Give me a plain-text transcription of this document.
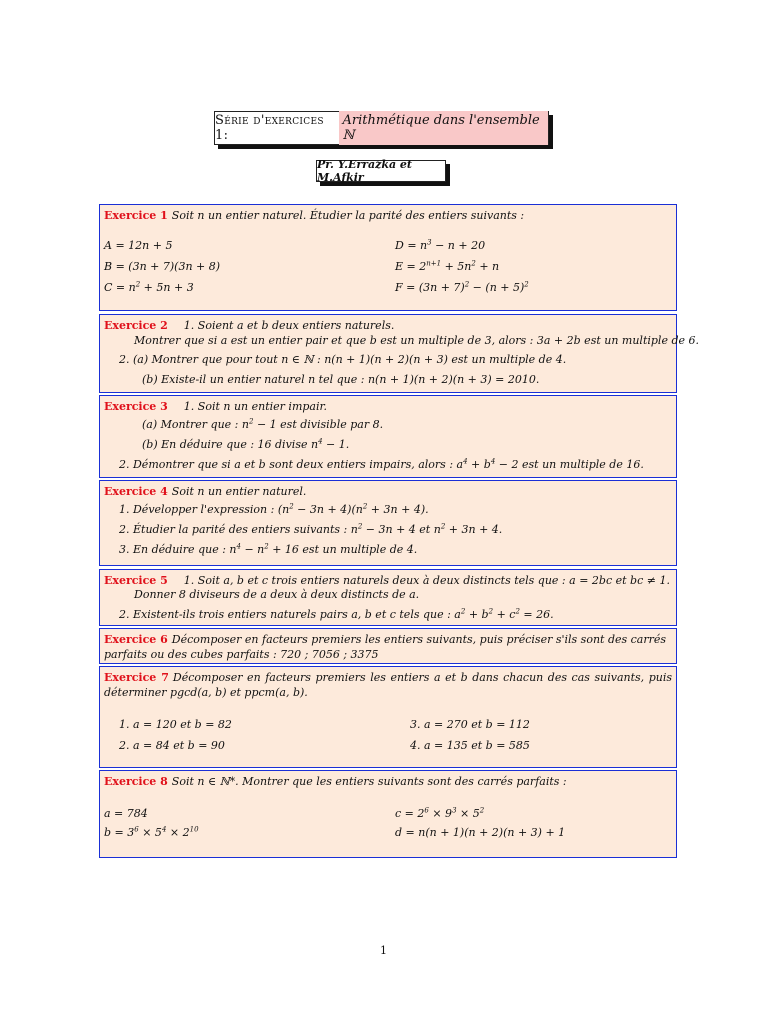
Série d'exercices 1:
Arithmétique dans l'ensemble ℕ
Pr. Y.Errazka et M.Afkir
Exercice 1 Soit n un entier naturel. Étudier la parité des entiers suivants :
A = 12n + 5
B = (3n + 7)(3n + 8)
$C = n^2 + 5n + 3$
$D = n^3 - n + 20$
$E = 2^{n+1} + 5n^2 + n$
$F = (3n + 7)^2 - (n + 5)^2$
Exercice 2 1. Soient a et b deux entiers naturels.
Montrer que si a est un entier pair et que b est un multiple de 3, alors : 3a + 2b est un multiple de 6.
2. (a) Montrer que pour tout n ∈ ℕ : n(n + 1)(n + 2)(n + 3) est un multiple de 4.
(b) Existe-il un entier naturel n tel que : n(n + 1)(n + 2)(n + 3) = 2010.
Exercice 3 1. Soit n un entier impair.
(a) Montrer que : $n^2 - 1$ est divisible par 8.
(b) En déduire que : 16 divise $n^4 - 1$.
2. Démontrer que si a et b sont deux entiers impairs, alors : $a^4 + b^4 - 2$ est un multiple de 16.
Exercice 4 Soit n un entier naturel.
1. Développer l'expression : $(n^2 - 3n + 4)(n^2 + 3n + 4)$.
2. Étudier la parité des entiers suivants : $n^2 - 3n + 4$ et $n^2 + 3n + 4$.
3. En déduire que : $n^4 - n^2 + 16$ est un multiple de 4.
Exercice 5 1. Soit a, b et c trois entiers naturels deux à deux distincts tels que : a = 2bc et bc ≠ 1.
Donner 8 diviseurs de a deux à deux distincts de a.
2. Existent-ils trois entiers naturels pairs a, b et c tels que : $a^2 + b^2 + c^2 = 26$.
Exercice 6 Décomposer en facteurs premiers les entiers suivants, puis préciser s'ils sont des carrés parfaits ou des cubes parfaits : 720 ; 7056 ; 3375
Exercice 7 Décomposer en facteurs premiers les entiers a et b dans chacun des cas suivants, puis déterminer pgcd(a, b) et ppcm(a, b).
1. a = 120 et b = 82
2. a = 84 et b = 90
3. a = 270 et b = 112
4. a = 135 et b = 585
Exercice 8 Soit n ∈ ℕ*. Montrer que les entiers suivants sont des carrés parfaits :
a = 784
$b = 3^6 \times 5^4 \times 2^{10}$
$c = 2^6 \times 9^3 \times 5^2$
d = n(n + 1)(n + 2)(n + 3) + 1
1
